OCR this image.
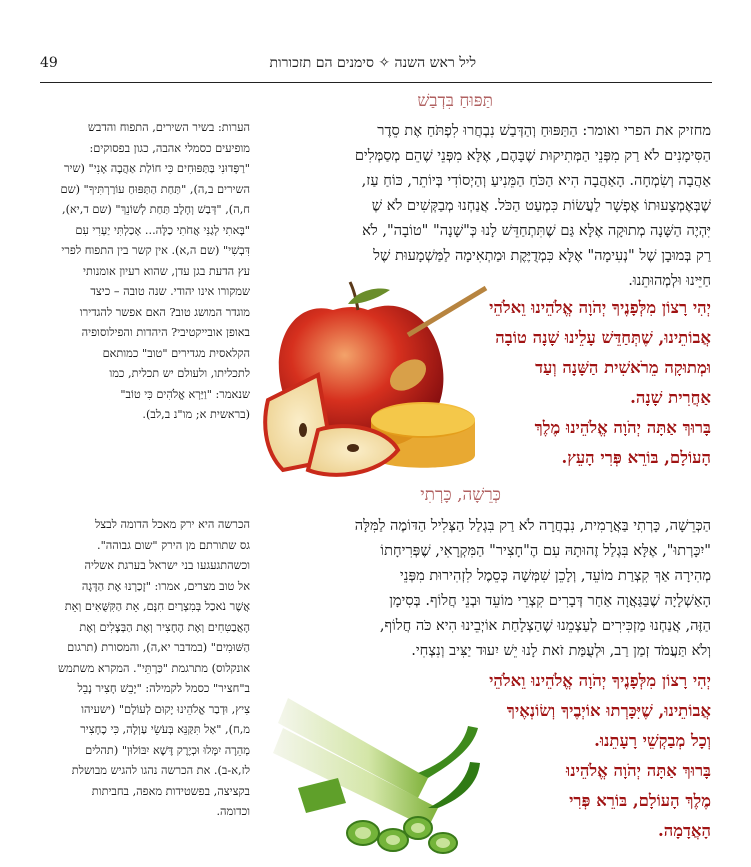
ליל ראש השנה ✧ סימנים הם תזכורות
49
תַּפּוּחַ בִּדְבַשׁ
מחזיק את הפרי ואומר: הַתַּפּוּחַ וְהַדְּבַשׁ נִבְחֲרוּ לִפְתֹּחַ אֶת סֵדֶר
הַסִּימָנִים לֹא רַק מִפְּנֵי הַמְּתִיקוּת שֶׁבָּהֶם, אֶלָּא מִפְּנֵי שֶׁהֵם מְסַמְּלִים
אַהֲבָה וְשִׂמְחָה. הָאַהֲבָה הִיא הַכֹּחַ הַמֵּנִיעַ וְהַיְסוֹדִי בְּיוֹתֵר, כּוֹחַ עַז,
שֶׁבְּאֶמְצָעוּתוֹ אֶפְשָׁר לַעֲשׂוֹת כִּמְעַט הַכֹּל. אֲנַחְנוּ מְבַקְּשִׁים לֹא שֶׁ
יִּהְיֶה הַשָּׁנָה מְתוּקָה אֶלָּא גַּם שֶׁתִּתְחַדֵּשׁ לָנוּ כְּ"שָׁנָה" "טוֹבָה", לֹא
רַק בְּמוּבָן שֶׁל "נְעִימָה" אֶלָּא כִּמְדֻיֶּקֶת וּמַתְאִימָה לַמַּשְׁמָעוּת שֶׁל
חַיֵּינוּ וּלְמְהוּתֵנוּ.
יְהִי רָצוֹן מִלְּפָנֶיךָ יְהֹוָה אֱלֹהֵינוּ וֵאלֹהֵי
אֲבוֹתֵינוּ, שֶׁתְּחַדֵּשׁ עָלֵינוּ שָׁנָה טוֹבָה
וּמְתוּקָה מֵרֹאשִׁית הַשָּׁנָה וְעַד
אַחֲרִית שָׁנָה.
בָּרוּךְ אַתָּה יְהֹוָה אֱלֹהֵינוּ מֶלֶךְ
הָעוֹלָם, בּוֹרֵא פְּרִי הָעֵץ.
הערות: בשיר השירים, התפוח והדבש
מופיעים כסמלי אהבה, כגון בפסוקים:
"רַפְּדוּנִי בַּתַּפּוּחִים כִּי חוֹלַת אַהֲבָה אָנִי" (שיר
השירים ב,ה), "תַּחַת הַתַּפּוּחַ עוֹרַרְתִּיךָ" (שם
ח,ה), "דְּבַשׁ וְחָלָב תַּחַת לְשׁוֹנֵךְ" (שם ד,יא),
"בָּאתִי לְגַנִּי אֲחֹתִי כַלָּה... אָכַלְתִּי יַעְרִי עִם
דִּבְשִׁי" (שם ה,א). אין קשר בין התפוח לפרי
עץ הדעת בגן עדן, שהוא רעיון אומנותי
שמקורו אינו יהודי. שנה טובה – כיצד
מוגדר המושג טוב? האם אפשר להגדירו
באופן אובייקטיבי? היהדות והפילוסופיה
הקלאסית מגדירים "טוב" כמותאם
לתכליתו, ולעולם יש תכלית, כמו
שנאמר: "וַיַּרְא אֱלֹהִים כִּי טוֹב"
(בראשית א; מו"נ ב,לב).
כְּרֵשָׁה, כָּרְתִי
הַכְּרֵשָׁה, כָּרְתִי בַּאֲרָמִית, נִבְחֲרָה לֹא רַק בִּגְלַל הַצְּלִיל הַדּוֹמֶה לַמִּלָּה
"יִכָּרְתוּ", אֶלָּא בִּגְלַל זֶהוּתָהּ עִם הֶ"חָצִיר" הַמִּקְרָאִי, שֶׁפְּרִיחָתוֹ
מְהִירָה אַךְ קִצְרַת מוֹעֵד, וְלָכֵן שִׁמְּשָׁה כְּסֵמֶל לִזְהִירוּת מִפְּנֵי
הָאַשְׁלָיָה שֶׁבַּגַּאֲוָה אַחַר דְּבָרִים קִצְרֵי מוֹעֵד וּבְנֵי חֲלוֹף. בְּסִימָן
הַזֶּה, אֲנַחְנוּ מַזְכִּירִים לְעַצְמֵנוּ שֶׁהַצְלָחַת אוֹיְבֵינוּ הִיא כֹּה חֲלוֹף,
וְלֹא תַּעֲמֹד זְמַן רַב, וּלְעֻמַּת זֹאת לָנוּ יֵשׁ יִעוּד יַצִּיב וְנִצְחִי.
יְהִי רָצוֹן מִלְּפָנֶיךָ יְהֹוָה אֱלֹהֵינוּ וֵאלֹהֵי
אֲבוֹתֵינוּ, שֶׁיִּכָּרְתוּ אוֹיְבֶיךָ וְשׂוֹנְאֶיךָ
וְכָל מְבַקְשֵׁי רָעָתֵנוּ.
בָּרוּךְ אַתָּה יְהֹוָה אֱלֹהֵינוּ
מֶלֶךְ הָעוֹלָם, בּוֹרֵא פְּרִי
הָאֲדָמָה.
הכרשה היא ירק מאכל הדומה לבצל
גס שתורתם מן הירק "שום גבוהה".
וכשהתגעגעו בני ישראל בערגת אשליה
אל טוב מצרים, אמרו: "זָכַרְנוּ אֶת הַדָּגָה
אֲשֶׁר נֹאכַל בְּמִצְרַיִם חִנָּם, אֵת הַקִּשֻּׁאִים וְאֵת
הָאֲבַטִּחִים וְאֶת הֶחָצִיר וְאֶת הַבְּצָלִים וְאֶת
הַשּׁוּמִים" (במדבר יא,ה), והמסורת (תרגום
אונקלוס) מתרגמת "כַּרְתֵּי". המקרא משתמש
ב"חציר" כסמל לקמילה: "יָבֵשׁ חָצִיר נָבֵל
צִיץ, וּדְבַר אֱלֹהֵינוּ יָקוּם לְעוֹלָם" (ישעיהו
מ,ח), "אַל תִּקַּנֵּא בְּעֹשֵׂי עַוְלָה, כִּי כֶחָצִיר
מְהֵרָה יִמָּלוּ וּכְיֶרֶק דֶּשֶׁא יִבּוֹלוּן" (תהלים
לז,א-ב). את הכרשה נהגו להגיש מבושלת
בקציצה, בפשטידות מאפה, בחביתות
וכדומה.
